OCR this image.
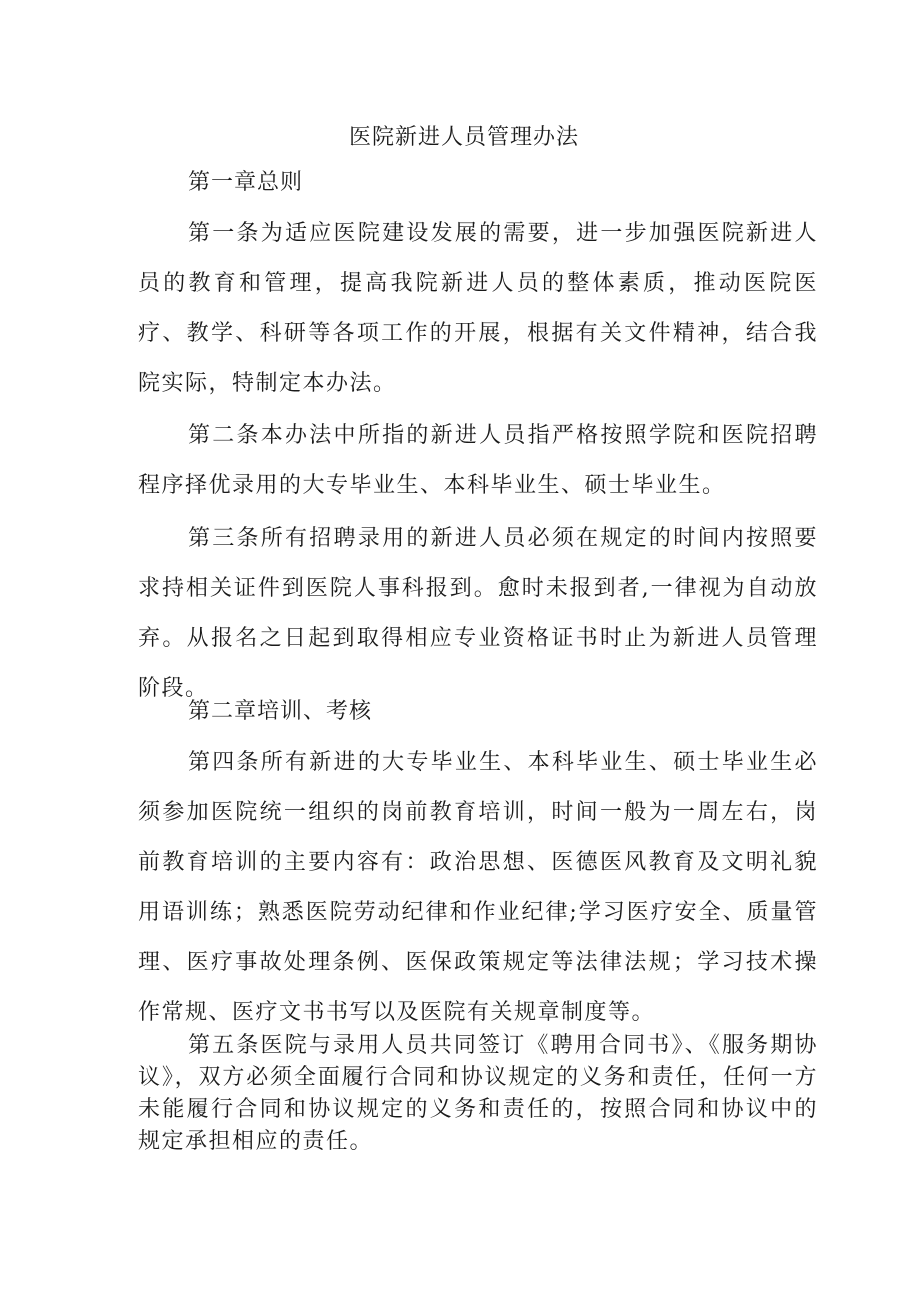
医院新进人员管理办法
第一章总则

第一条为适应医院建设发展的需要，进一步加强医院新进人员的教育和管理，提高我院新进人员的整体素质，推动医院医疗、教学、科研等各项工作的开展，根据有关文件精神，结合我院实际，特制定本办法。

第二条本办法中所指的新进人员指严格按照学院和医院招聘程序择优录用的大专毕业生、本科毕业生、硕士毕业生。

第三条所有招聘录用的新进人员必须在规定的时间内按照要求持相关证件到医院人事科报到。愈时未报到者,一律视为自动放弃。从报名之日起到取得相应专业资格证书时止为新进人员管理阶段。

第二章培训、考核

第四条所有新进的大专毕业生、本科毕业生、硕士毕业生必须参加医院统一组织的岗前教育培训，时间一般为一周左右，岗前教育培训的主要内容有：政治思想、医德医风教育及文明礼貌用语训练；熟悉医院劳动纪律和作业纪律;学习医疗安全、质量管理、医疗事故处理条例、医保政策规定等法律法规；学习技术操作常规、医疗文书书写以及医院有关规章制度等。

第五条医院与录用人员共同签订《聘用合同书》、《服务期协议》，双方必须全面履行合同和协议规定的义务和责任，任何一方未能履行合同和协议规定的义务和责任的，按照合同和协议中的规定承担相应的责任。
